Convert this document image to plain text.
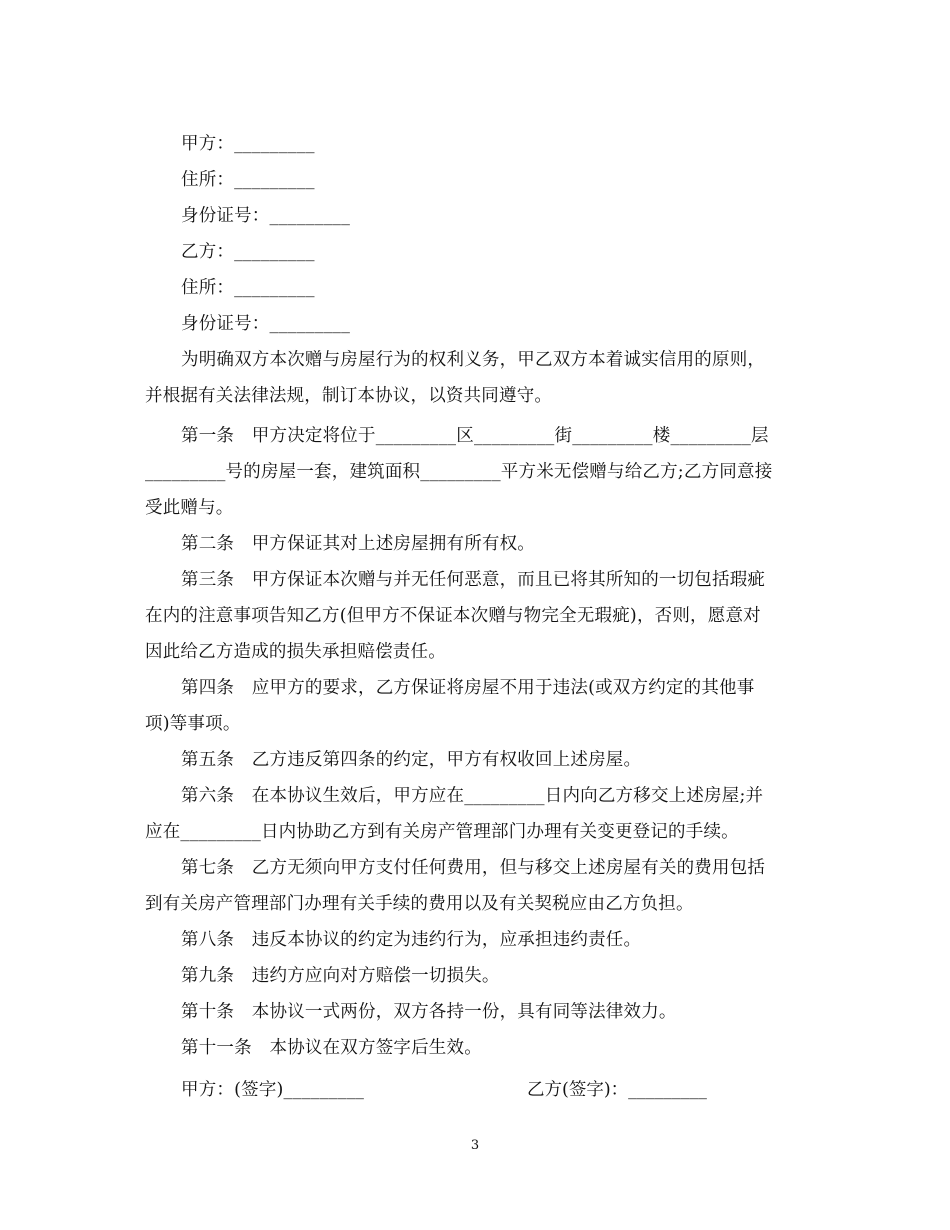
甲方：_________
住所：_________
身份证号：_________
乙方：_________
住所：_________
身份证号：_________
为明确双方本次赠与房屋行为的权利义务，甲乙双方本着诚实信用的原则，
并根据有关法律法规，制订本协议，以资共同遵守。
第一条　甲方决定将位于_________区_________街_________楼_________层
_________号的房屋一套，建筑面积_________平方米无偿赠与给乙方;乙方同意接
受此赠与。
第二条　甲方保证其对上述房屋拥有所有权。
第三条　甲方保证本次赠与并无任何恶意，而且已将其所知的一切包括瑕疵
在内的注意事项告知乙方(但甲方不保证本次赠与物完全无瑕疵)，否则，愿意对
因此给乙方造成的损失承担赔偿责任。
第四条　应甲方的要求，乙方保证将房屋不用于违法(或双方约定的其他事
项)等事项。
第五条　乙方违反第四条的约定，甲方有权收回上述房屋。
第六条　在本协议生效后，甲方应在_________日内向乙方移交上述房屋;并
应在_________日内协助乙方到有关房产管理部门办理有关变更登记的手续。
第七条　乙方无须向甲方支付任何费用，但与移交上述房屋有关的费用包括
到有关房产管理部门办理有关手续的费用以及有关契税应由乙方负担。
第八条　违反本协议的约定为违约行为，应承担违约责任。
第九条　违约方应向对方赔偿一切损失。
第十条　本协议一式两份，双方各持一份，具有同等法律效力。
第十一条　本协议在双方签字后生效。
甲方：(签字)_________	乙方(签字)：_________
3
